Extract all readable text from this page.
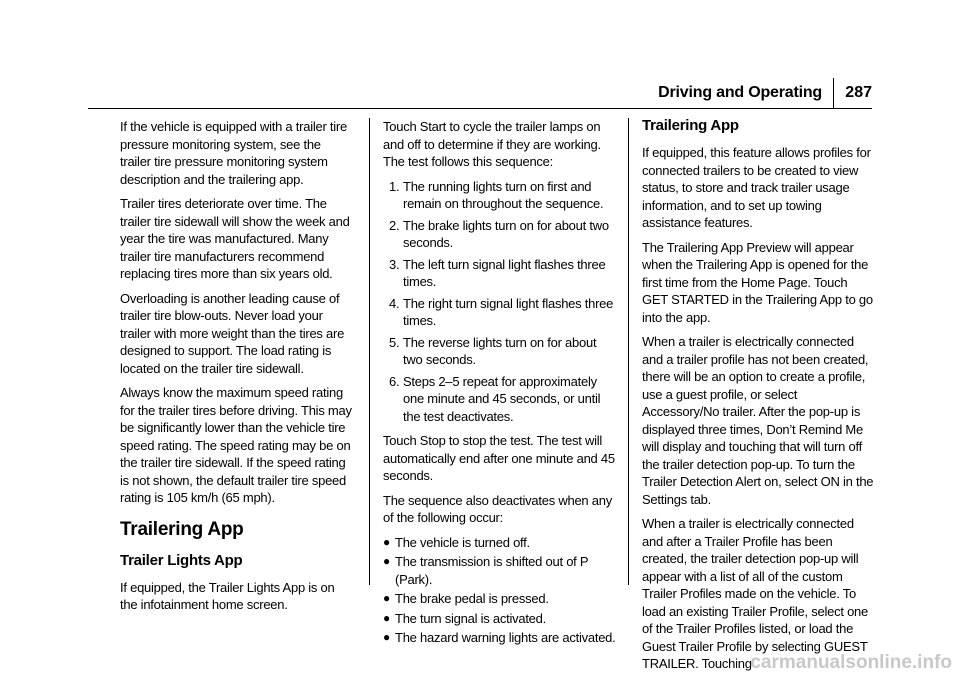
Driving and Operating 287

If the vehicle is equipped with a trailer tire pressure monitoring system, see the trailer tire pressure monitoring system description and the trailering app.

Trailer tires deteriorate over time. The trailer tire sidewall will show the week and year the tire was manufactured. Many trailer tire manufacturers recommend replacing tires more than six years old.

Overloading is another leading cause of trailer tire blow-outs. Never load your trailer with more weight than the tires are designed to support. The load rating is located on the trailer tire sidewall.

Always know the maximum speed rating for the trailer tires before driving. This may be significantly lower than the vehicle tire speed rating. The speed rating may be on the trailer tire sidewall. If the speed rating is not shown, the default trailer tire speed rating is 105 km/h (65 mph).

Trailering App
Trailer Lights App

If equipped, the Trailer Lights App is on the infotainment home screen.

Touch Start to cycle the trailer lamps on and off to determine if they are working. The test follows this sequence:

1. The running lights turn on first and remain on throughout the sequence.
2. The brake lights turn on for about two seconds.
3. The left turn signal light flashes three times.
4. The right turn signal light flashes three times.
5. The reverse lights turn on for about two seconds.
6. Steps 2–5 repeat for approximately one minute and 45 seconds, or until the test deactivates.

Touch Stop to stop the test. The test will automatically end after one minute and 45 seconds.

The sequence also deactivates when any of the following occur:

● The vehicle is turned off.
● The transmission is shifted out of P (Park).
● The brake pedal is pressed.
● The turn signal is activated.
● The hazard warning lights are activated.
Trailering App

If equipped, this feature allows profiles for connected trailers to be created to view status, to store and track trailer usage information, and to set up towing assistance features.

The Trailering App Preview will appear when the Trailering App is opened for the first time from the Home Page. Touch GET STARTED in the Trailering App to go into the app.

When a trailer is electrically connected and a trailer profile has not been created, there will be an option to create a profile, use a guest profile, or select Accessory/No trailer. After the pop-up is displayed three times, Don’t Remind Me will display and touching that will turn off the trailer detection pop-up. To turn the Trailer Detection Alert on, select ON in the Settings tab.

When a trailer is electrically connected and after a Trailer Profile has been created, the trailer detection pop-up will appear with a list of all of the custom Trailer Profiles made on the vehicle. To load an existing Trailer Profile, select one of the Trailer Profiles listed, or load the Guest Trailer Profile by selecting GUEST TRAILER. Touching

carmanualsonline.info
